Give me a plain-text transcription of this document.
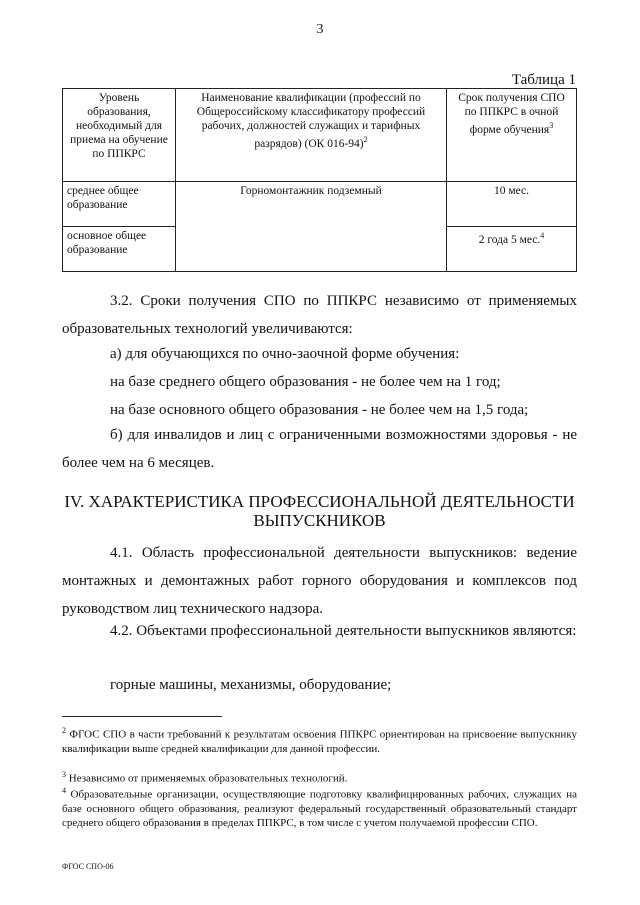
3
Таблица 1
Уровень образования, необходимый для приема на обучение по ППКРС	Наименование квалификации (профессий по Общероссийскому классификатору профессий рабочих, должностей служащих и тарифных разрядов) (ОК 016-94)$^2$	Срок получения СПО по ППКРС в очной форме обучения$^3$
среднее общее образование	Горномонтажник подземный	10 мес.
основное общее образование		2 года 5 мес.$^4$
3.2. Сроки получения СПО по ППКРС независимо от применяемых образовательных технологий увеличиваются:
а) для обучающихся по очно-заочной форме обучения:
на базе среднего общего образования - не более чем на 1 год;
на базе основного общего образования - не более чем на 1,5 года;
б) для инвалидов и лиц с ограниченными возможностями здоровья - не более чем на 6 месяцев.
IV. ХАРАКТЕРИСТИКА ПРОФЕССИОНАЛЬНОЙ ДЕЯТЕЛЬНОСТИ ВЫПУСКНИКОВ
4.1. Область профессиональной деятельности выпускников: ведение монтажных и демонтажных работ горного оборудования и комплексов под руководством лиц технического надзора.
4.2. Объектами профессиональной деятельности выпускников являются:
горные машины, механизмы, оборудование;
$^2$ ФГОС СПО в части требований к результатам освоения ППКРС ориентирован на присвоение выпускнику квалификации выше средней квалификации для данной профессии.
$^3$ Независимо от применяемых образовательных технологий.
$^4$ Образовательные организации, осуществляющие подготовку квалифицированных рабочих, служащих на базе основного общего образования, реализуют федеральный государственный образовательный стандарт среднего общего образования в пределах ППКРС, в том числе с учетом получаемой профессии СПО.
ФГОС СПО-06
